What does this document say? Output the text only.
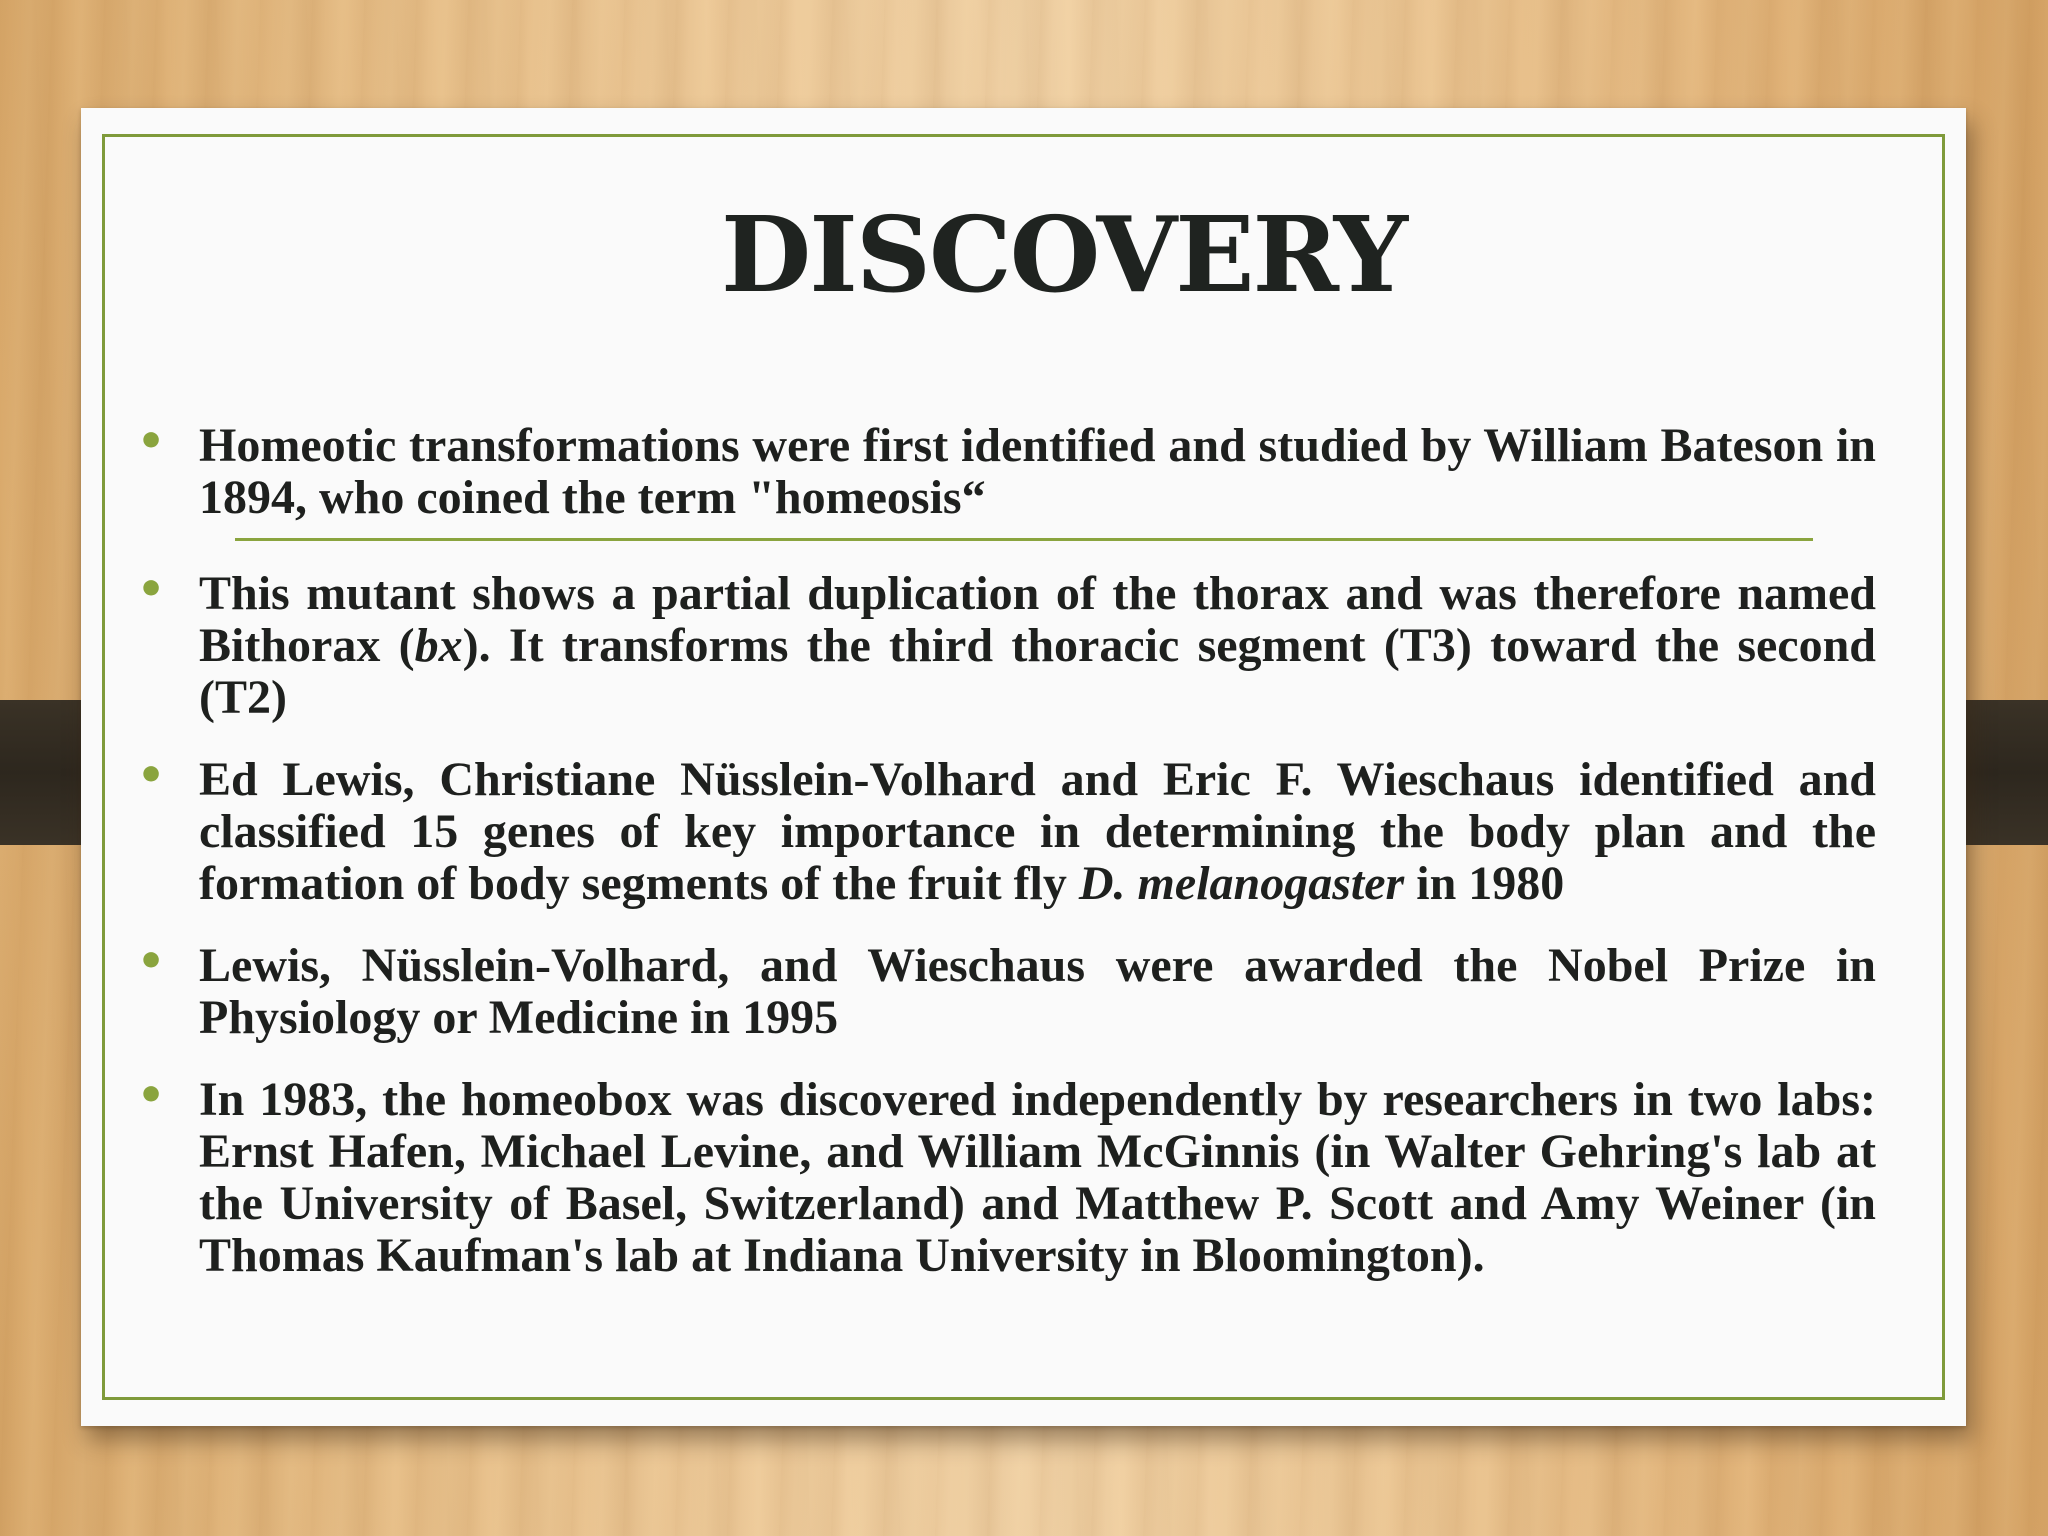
DISCOVERY
• Homeotic transformations were first identified and studied by William Bateson in 1894, who coined the term "homeosis“
• This mutant shows a partial duplication of the thorax and was therefore named Bithorax (bx). It transforms the third thoracic segment (T3) toward the second (T2)
• Ed Lewis, Christiane Nüsslein-Volhard and Eric F. Wieschaus identified and classified 15 genes of key importance in determining the body plan and the formation of body segments of the fruit fly D. melanogaster in 1980
• Lewis, Nüsslein-Volhard, and Wieschaus were awarded the Nobel Prize in Physiology or Medicine in 1995
• In 1983, the homeobox was discovered independently by researchers in two labs: Ernst Hafen, Michael Levine, and William McGinnis (in Walter Gehring's lab at the University of Basel, Switzerland) and Matthew P. Scott and Amy Weiner (in Thomas Kaufman's lab at Indiana University in Bloomington).
